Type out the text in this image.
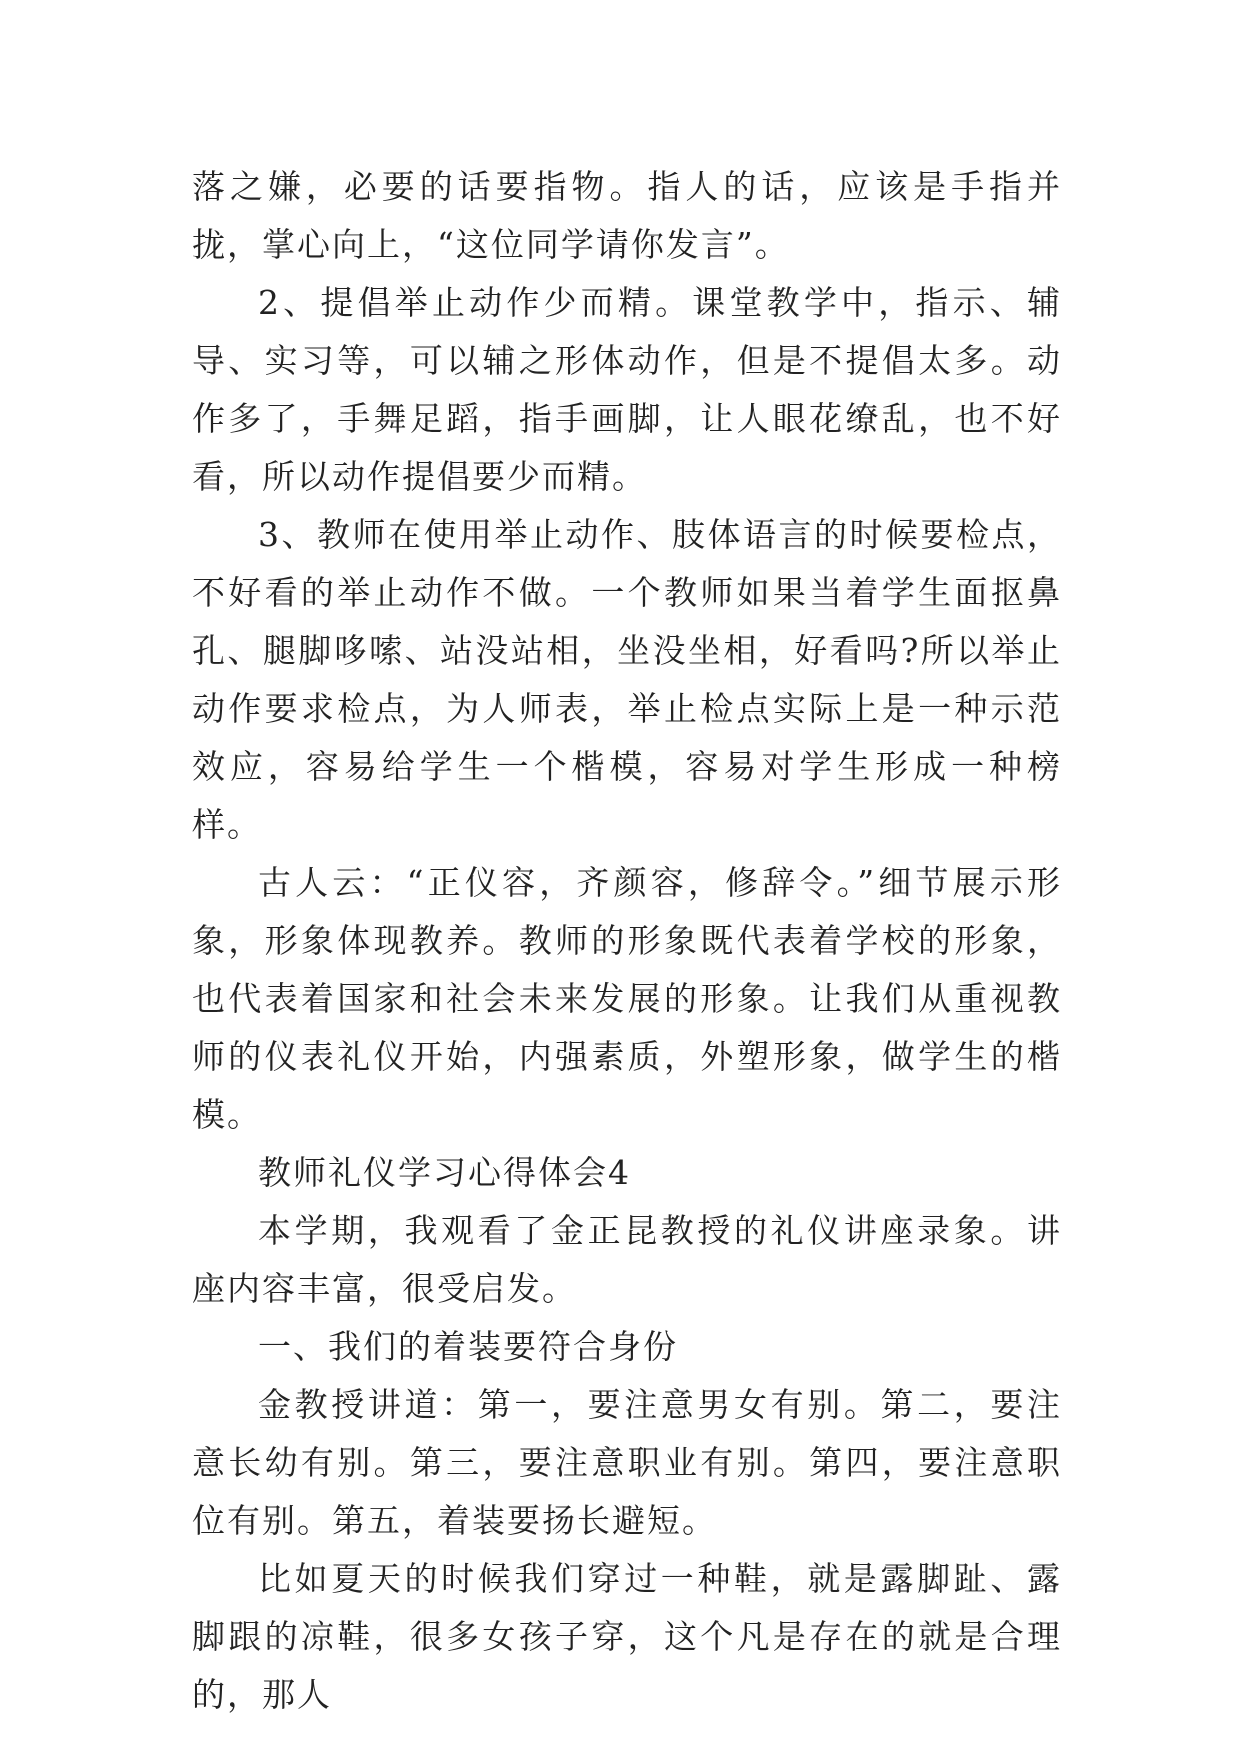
落之嫌，必要的话要指物。指人的话，应该是手指并拢，掌心向上，“这位同学请你发言”。

2、提倡举止动作少而精。课堂教学中，指示、辅导、实习等，可以辅之形体动作，但是不提倡太多。动作多了，手舞足蹈，指手画脚，让人眼花缭乱，也不好看，所以动作提倡要少而精。

3、教师在使用举止动作、肢体语言的时候要检点，不好看的举止动作不做。一个教师如果当着学生面抠鼻孔、腿脚哆嗦、站没站相，坐没坐相，好看吗?所以举止动作要求检点，为人师表，举止检点实际上是一种示范效应，容易给学生一个楷模，容易对学生形成一种榜样。

古人云：“正仪容，齐颜容，修辞令。”细节展示形象，形象体现教养。教师的形象既代表着学校的形象，也代表着国家和社会未来发展的形象。让我们从重视教师的仪表礼仪开始，内强素质，外塑形象，做学生的楷模。

教师礼仪学习心得体会4

本学期，我观看了金正昆教授的礼仪讲座录象。讲座内容丰富，很受启发。

一、我们的着装要符合身份

金教授讲道：第一，要注意男女有别。第二，要注意长幼有别。第三，要注意职业有别。第四，要注意职位有别。第五，着装要扬长避短。

比如夏天的时候我们穿过一种鞋，就是露脚趾、露脚跟的凉鞋，很多女孩子穿，这个凡是存在的就是合理的，那人
